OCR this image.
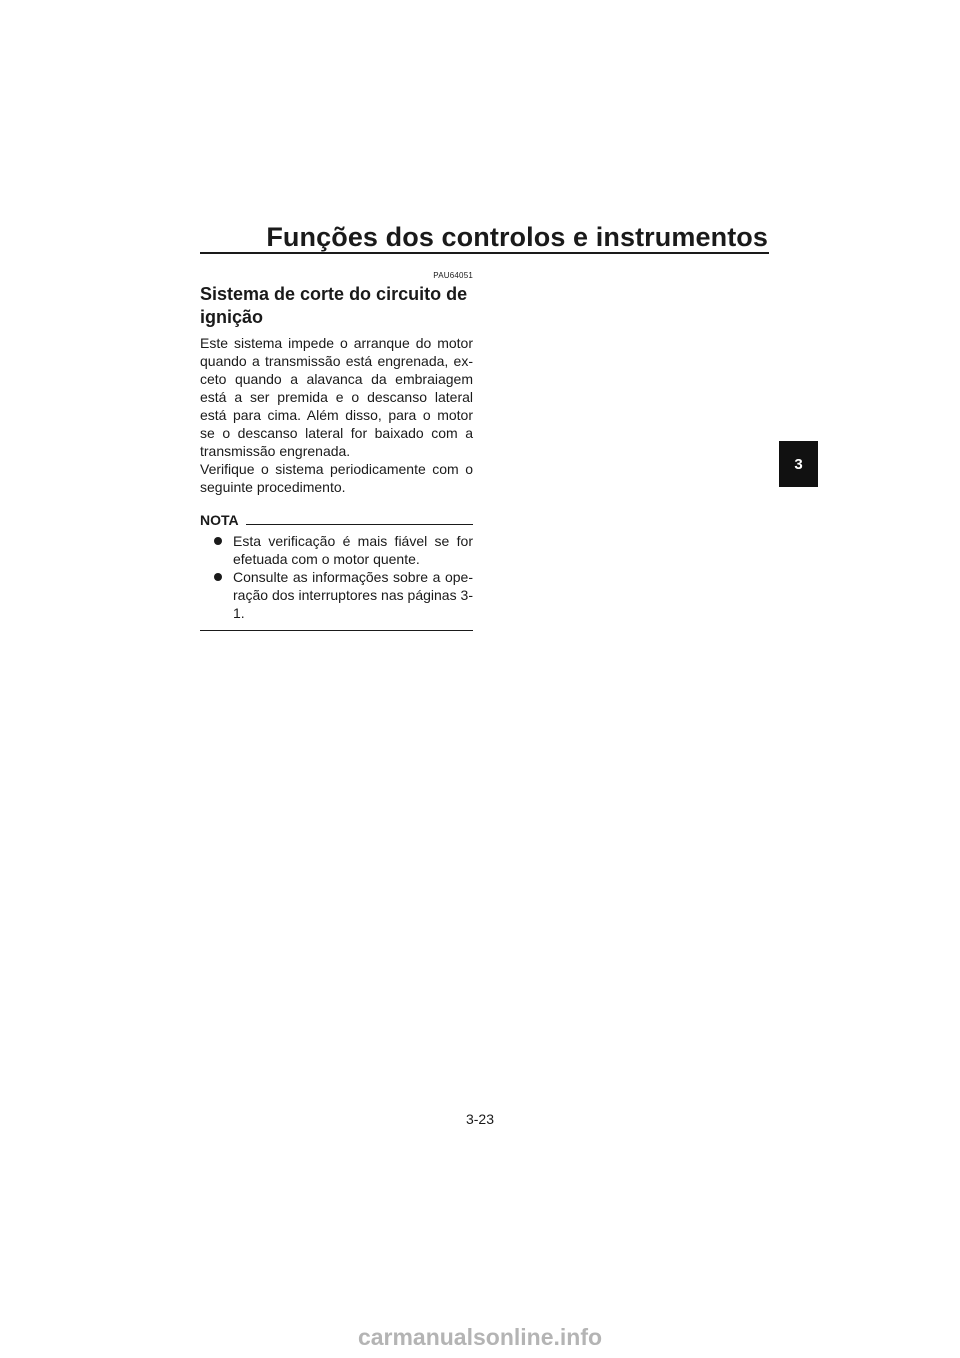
Funções dos controlos e instrumentos
PAU64051
Sistema de corte do circuito de
ignição

Este sistema impede o arranque do motor quando a transmissão está engrenada, exceto quando a alavanca da embraiagem está a ser premida e o descanso lateral está para cima. Além disso, para o motor se o descanso lateral for baixado com a transmissão engrenada.

Verifique o sistema periodicamente com o seguinte procedimento.

NOTA
Esta verificação é mais fiável se for efetuada com o motor quente.
Consulte as informações sobre a operação dos interruptores nas páginas 3-1.
3
3-23
carmanualsonline.info
